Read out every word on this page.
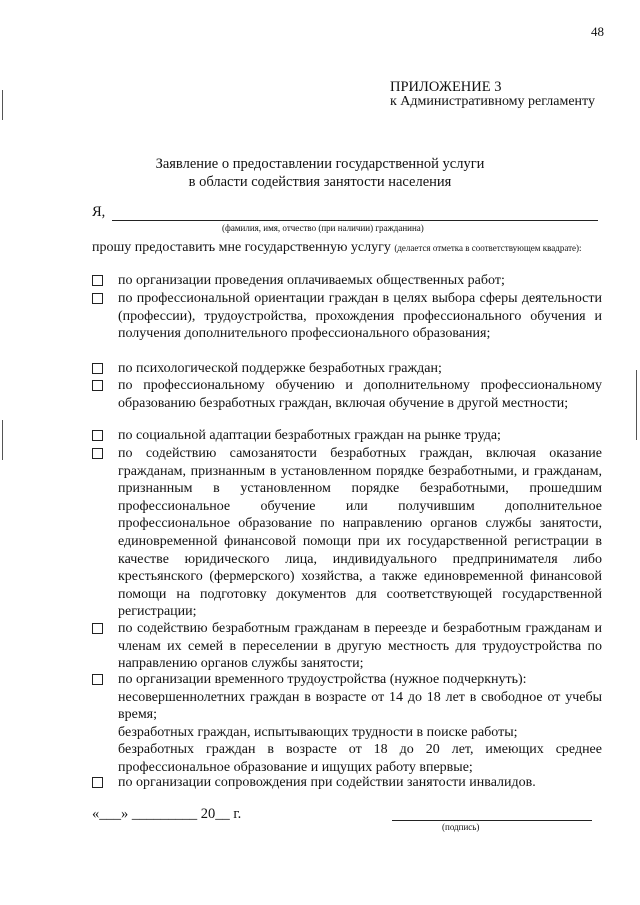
48
ПРИЛОЖЕНИЕ 3
к Административному регламенту
Заявление о предоставлении государственной услуги
в области содействия занятости населения
Я,
(фамилия, имя, отчество (при наличии) гражданина)
прошу предоставить мне государственную услугу (делается отметка в соответствующем квадрате):
по организации проведения оплачиваемых общественных работ;
по профессиональной ориентации граждан в целях выбора сферы деятельности (профессии), трудоустройства, прохождения профессионального обучения и получения дополнительного профессионального образования;
по психологической поддержке безработных граждан;
по профессиональному обучению и дополнительному профессиональному образованию безработных граждан, включая обучение в другой местности;
по социальной адаптации безработных граждан на рынке труда;
по содействию самозанятости безработных граждан, включая оказание гражданам, признанным в установленном порядке безработными, и гражданам, признанным в установленном порядке безработными, прошедшим профессиональное обучение или получившим дополнительное профессиональное образование по направлению органов службы занятости, единовременной финансовой помощи при их государственной регистрации в качестве юридического лица, индивидуального предпринимателя либо крестьянского (фермерского) хозяйства, а также единовременной финансовой помощи на подготовку документов для соответствующей государственной регистрации;
по содействию безработным гражданам в переезде и безработным гражданам и членам их семей в переселении в другую местность для трудоустройства по направлению органов службы занятости;
по организации временного трудоустройства (нужное подчеркнуть):
несовершеннолетних граждан в возрасте от 14 до 18 лет в свободное от учебы время;
безработных граждан, испытывающих трудности в поиске работы;
безработных граждан в возрасте от 18 до 20 лет, имеющих среднее профессиональное образование и ищущих работу впервые;
по организации сопровождения при содействии занятости инвалидов.
«___» _________ 20__ г.
(подпись)
